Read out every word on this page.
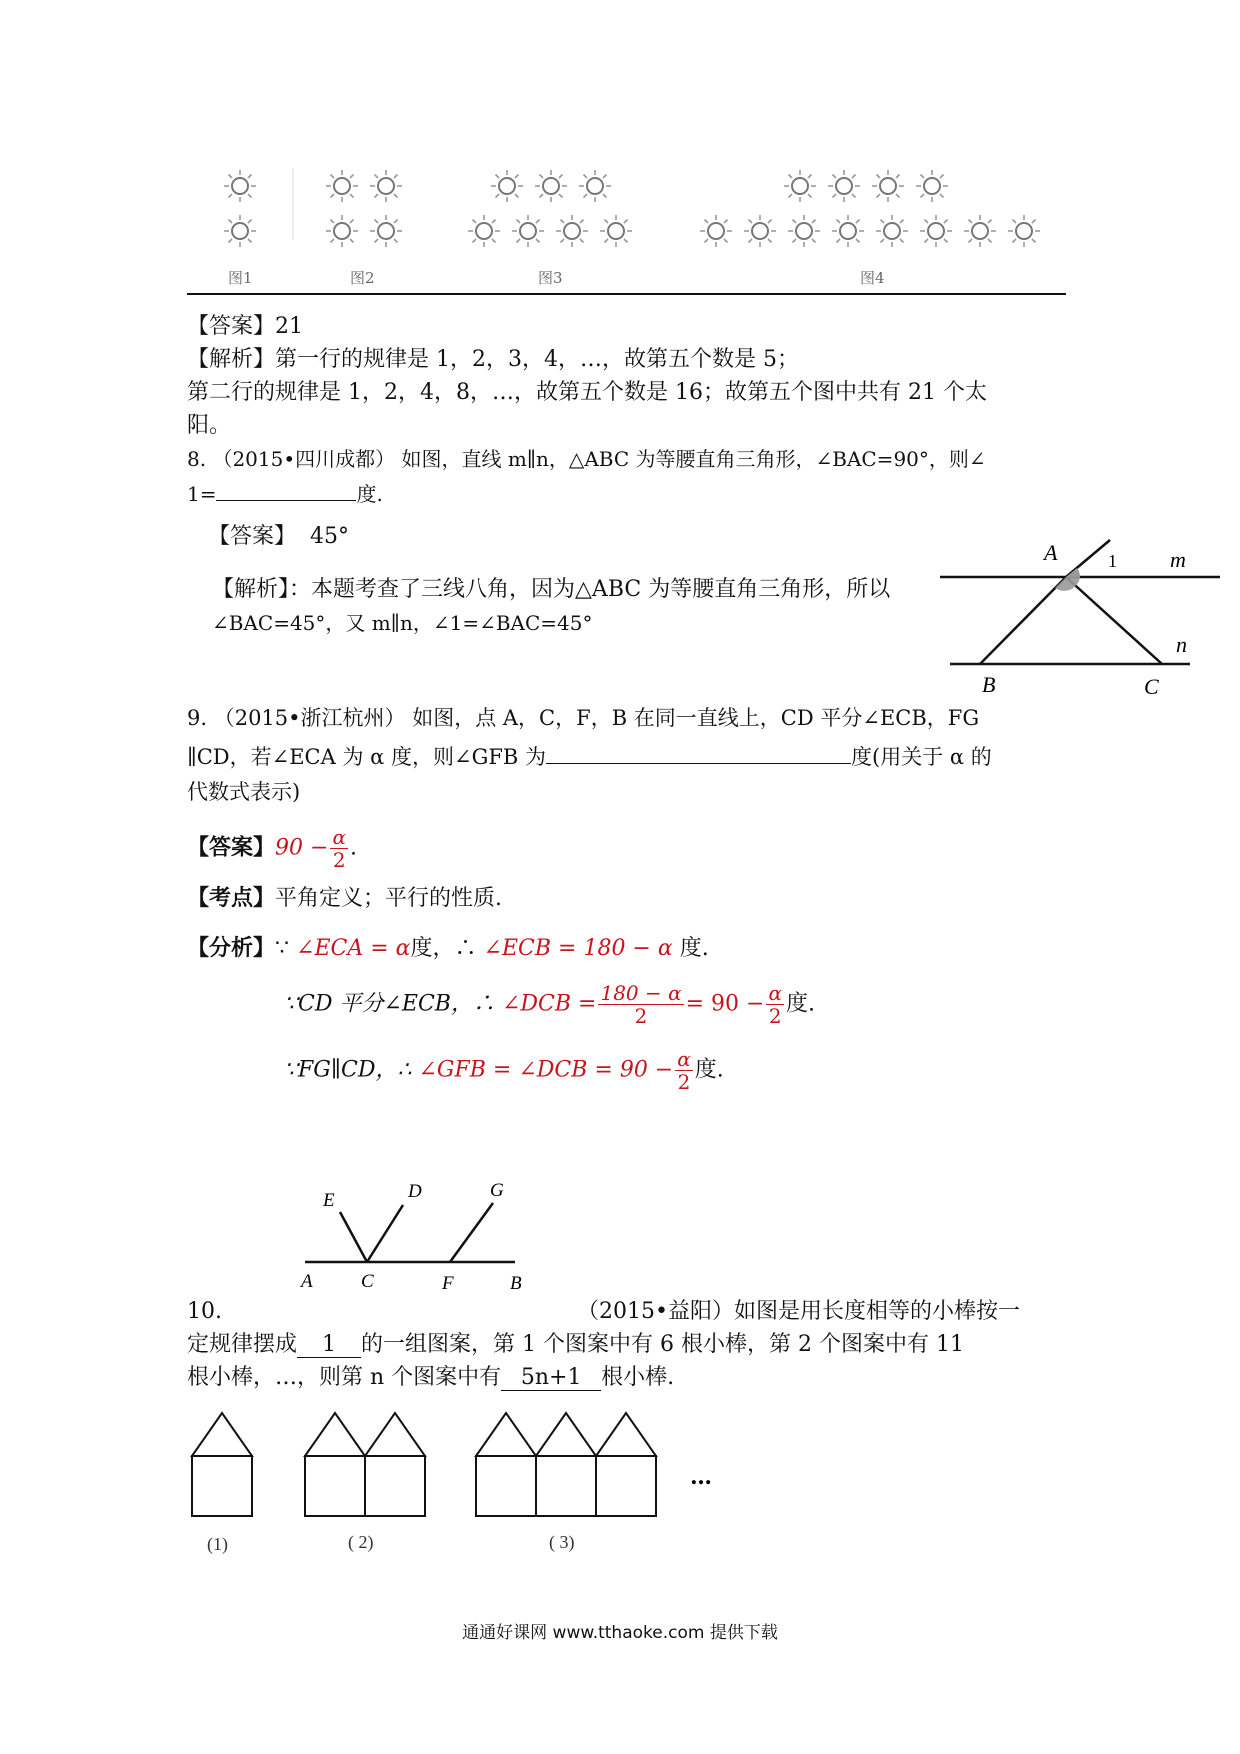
图1	图2	图3	图4
【答案】21
【解析】第一行的规律是 1，2，3，4，…，故第五个数是 5；
第二行的规律是 1，2，4，8，…，故第五个数是 16；故第五个图中共有 21 个太
阳。
8. （2015•四川成都） 如图，直线 m∥n，△ABC 为等腰直角三角形，∠BAC=90°，则∠
1=	度.
【答案】 45°
【解析】：本题考查了三线八角，因为△ABC 为等腰直角三角形，所以
∠BAC=45°，又 m∥n，∠1=∠BAC=45°
A	1 m
n
B	C
9. （2015•浙江杭州） 如图，点 A，C，F，B 在同一直线上，CD 平分∠ECB，FG
∥CD，若∠ECA 为 α 度，则∠GFB 为	度(用关于 α 的
代数式表示)
【答案】$90 - \frac{\alpha}{2}$ .
【考点】平角定义；平行的性质.
【分析】∵ ∠ECA = α度，∴ ∠ECB = 180 − α 度.
∵CD 平分∠ECB，∴ ∠DCB = $\frac{180 - \alpha}{2} = 90 - \frac{\alpha}{2}$ 度.
∵FG∥CD，∴ ∠GFB = ∠DCB = $90 - \frac{\alpha}{2}$ 度.
E	D	G
A	C	F	B
10.	（2015•益阳）如图是用长度相等的小棒按一
定规律摆成 1 的一组图案，第 1 个图案中有 6 根小棒，第 2 个图案中有 11
根小棒，…，则第 n 个图案中有 5n+1 根小棒.
…
(1)	( 2)	( 3)
通通好课网 www.tthaoke.com 提供下载
